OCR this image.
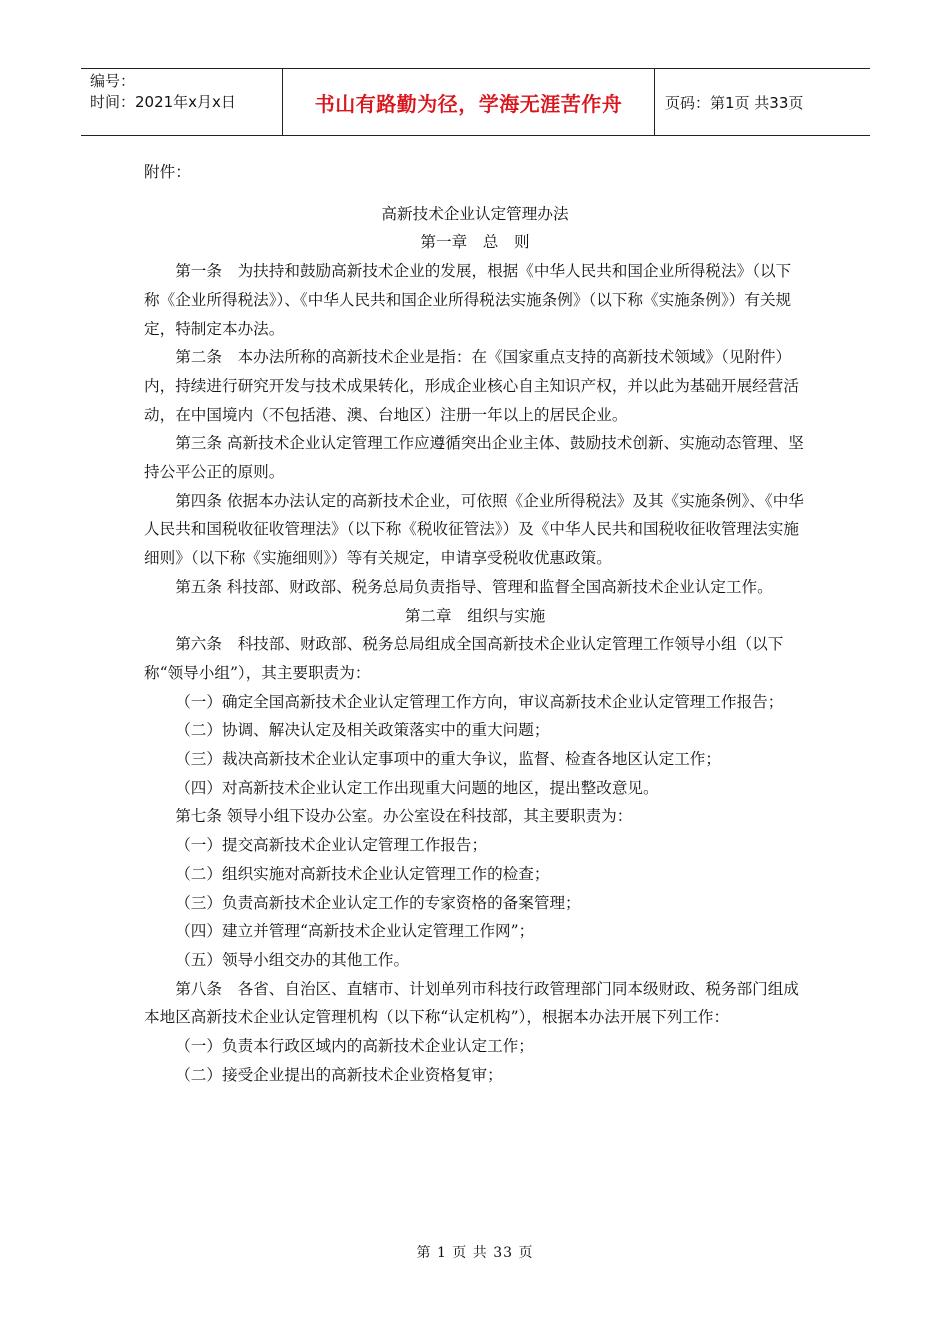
编号：
时间：2021年x月x日	书山有路勤为径，学海无涯苦作舟	页码：第1页 共33页

附件：

高新技术企业认定管理办法

第一章　总　则

第一条　为扶持和鼓励高新技术企业的发展，根据《中华人民共和国企业所得税法》（以下称《企业所得税法》）、《中华人民共和国企业所得税法实施条例》（以下称《实施条例》）有关规定，特制定本办法。

第二条　本办法所称的高新技术企业是指：在《国家重点支持的高新技术领域》（见附件）内，持续进行研究开发与技术成果转化，形成企业核心自主知识产权，并以此为基础开展经营活动，在中国境内（不包括港、澳、台地区）注册一年以上的居民企业。

第三条 高新技术企业认定管理工作应遵循突出企业主体、鼓励技术创新、实施动态管理、坚持公平公正的原则。

第四条 依据本办法认定的高新技术企业，可依照《企业所得税法》及其《实施条例》、《中华人民共和国税收征收管理法》（以下称《税收征管法》）及《中华人民共和国税收征收管理法实施细则》（以下称《实施细则》）等有关规定，申请享受税收优惠政策。

第五条 科技部、财政部、税务总局负责指导、管理和监督全国高新技术企业认定工作。

第二章　组织与实施

第六条　科技部、财政部、税务总局组成全国高新技术企业认定管理工作领导小组（以下称“领导小组”），其主要职责为：

（一）确定全国高新技术企业认定管理工作方向，审议高新技术企业认定管理工作报告；

（二）协调、解决认定及相关政策落实中的重大问题；

（三）裁决高新技术企业认定事项中的重大争议，监督、检查各地区认定工作；

（四）对高新技术企业认定工作出现重大问题的地区，提出整改意见。

第七条 领导小组下设办公室。办公室设在科技部，其主要职责为：

（一）提交高新技术企业认定管理工作报告；

（二）组织实施对高新技术企业认定管理工作的检查；

（三）负责高新技术企业认定工作的专家资格的备案管理；

（四）建立并管理“高新技术企业认定管理工作网”；

（五）领导小组交办的其他工作。

第八条　各省、自治区、直辖市、计划单列市科技行政管理部门同本级财政、税务部门组成本地区高新技术企业认定管理机构（以下称“认定机构”），根据本办法开展下列工作：

（一）负责本行政区域内的高新技术企业认定工作；

（二）接受企业提出的高新技术企业资格复审；

第 1 页 共 33 页
